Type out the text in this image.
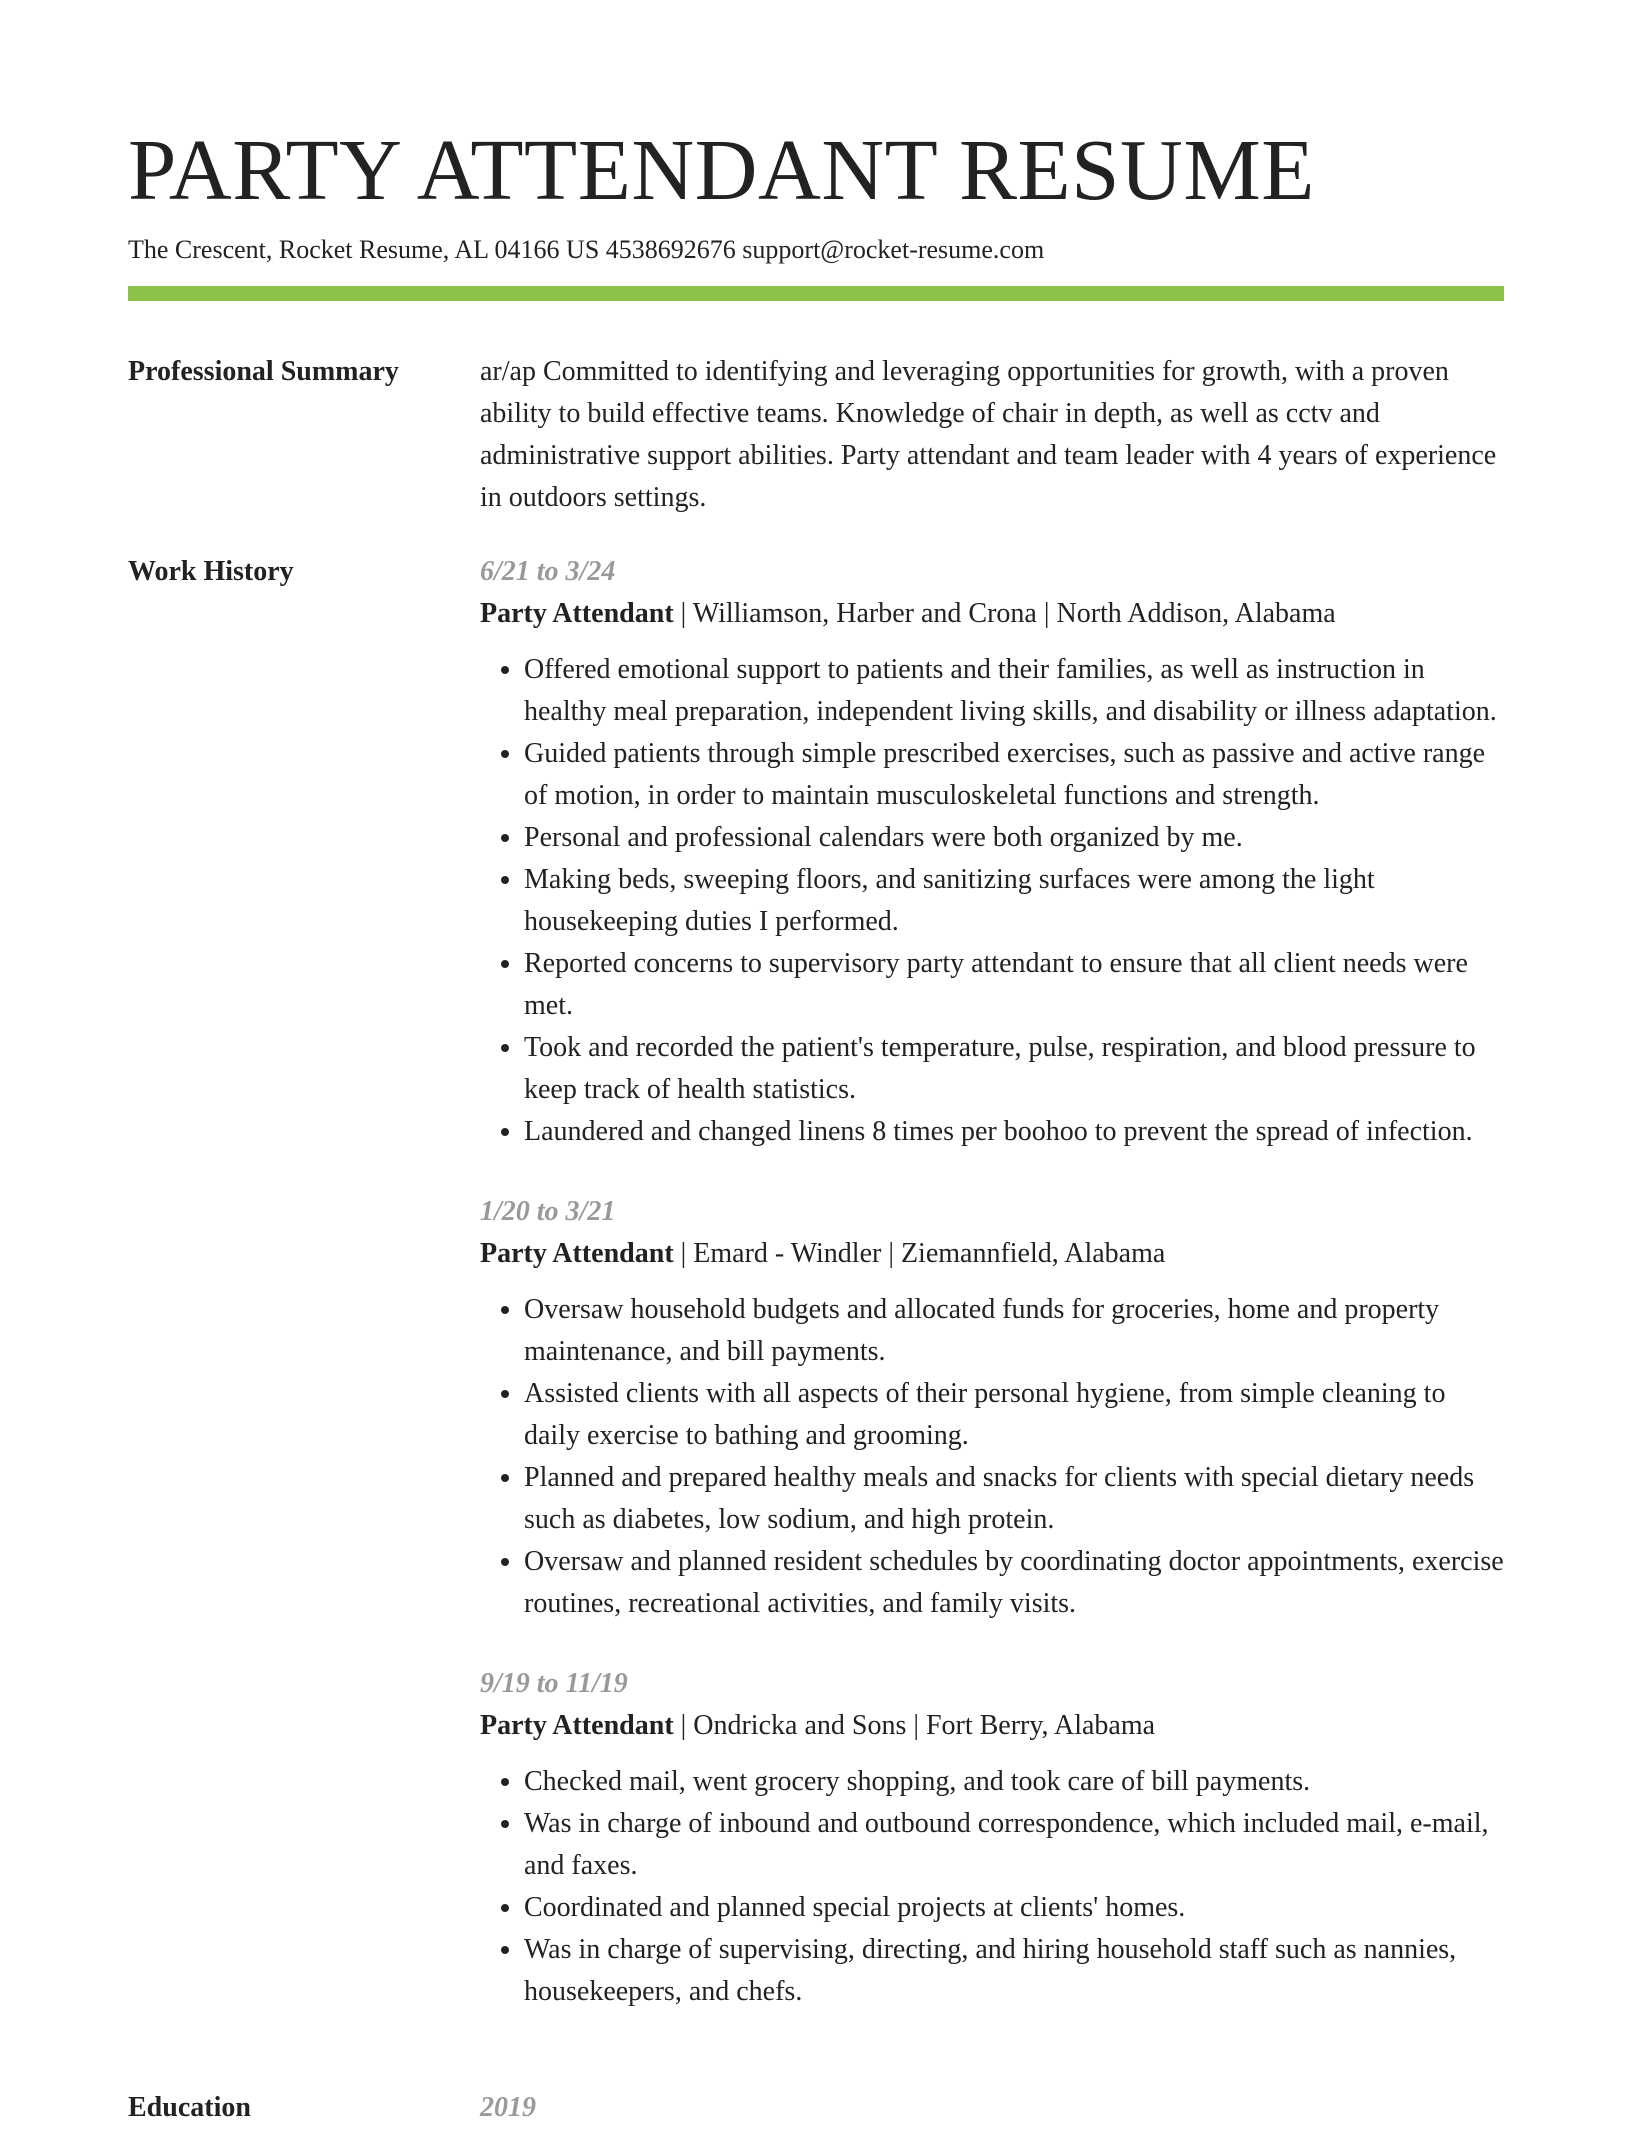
PARTY ATTENDANT RESUME
The Crescent, Rocket Resume, AL 04166 US 4538692676 support@rocket-resume.com
Professional Summary	ar/ap Committed to identifying and leveraging opportunities for growth, with a proven ability to build effective teams. Knowledge of chair in depth, as well as cctv and administrative support abilities. Party attendant and team leader with 4 years of experience in outdoors settings.

Work History	6/21 to 3/24
Party Attendant | Williamson, Harber and Crona | North Addison, Alabama
• Offered emotional support to patients and their families, as well as instruction in healthy meal preparation, independent living skills, and disability or illness adaptation.
• Guided patients through simple prescribed exercises, such as passive and active range of motion, in order to maintain musculoskeletal functions and strength.
• Personal and professional calendars were both organized by me.
• Making beds, sweeping floors, and sanitizing surfaces were among the light housekeeping duties I performed.
• Reported concerns to supervisory party attendant to ensure that all client needs were met.
• Took and recorded the patient's temperature, pulse, respiration, and blood pressure to keep track of health statistics.
• Laundered and changed linens 8 times per boohoo to prevent the spread of infection.
1/20 to 3/21
Party Attendant | Emard - Windler | Ziemannfield, Alabama
• Oversaw household budgets and allocated funds for groceries, home and property maintenance, and bill payments.
• Assisted clients with all aspects of their personal hygiene, from simple cleaning to daily exercise to bathing and grooming.
• Planned and prepared healthy meals and snacks for clients with special dietary needs such as diabetes, low sodium, and high protein.
• Oversaw and planned resident schedules by coordinating doctor appointments, exercise routines, recreational activities, and family visits.
9/19 to 11/19
Party Attendant | Ondricka and Sons | Fort Berry, Alabama
• Checked mail, went grocery shopping, and took care of bill payments.
• Was in charge of inbound and outbound correspondence, which included mail, e-mail, and faxes.
• Coordinated and planned special projects at clients' homes.
• Was in charge of supervising, directing, and hiring household staff such as nannies, housekeepers, and chefs.
Education	2019
